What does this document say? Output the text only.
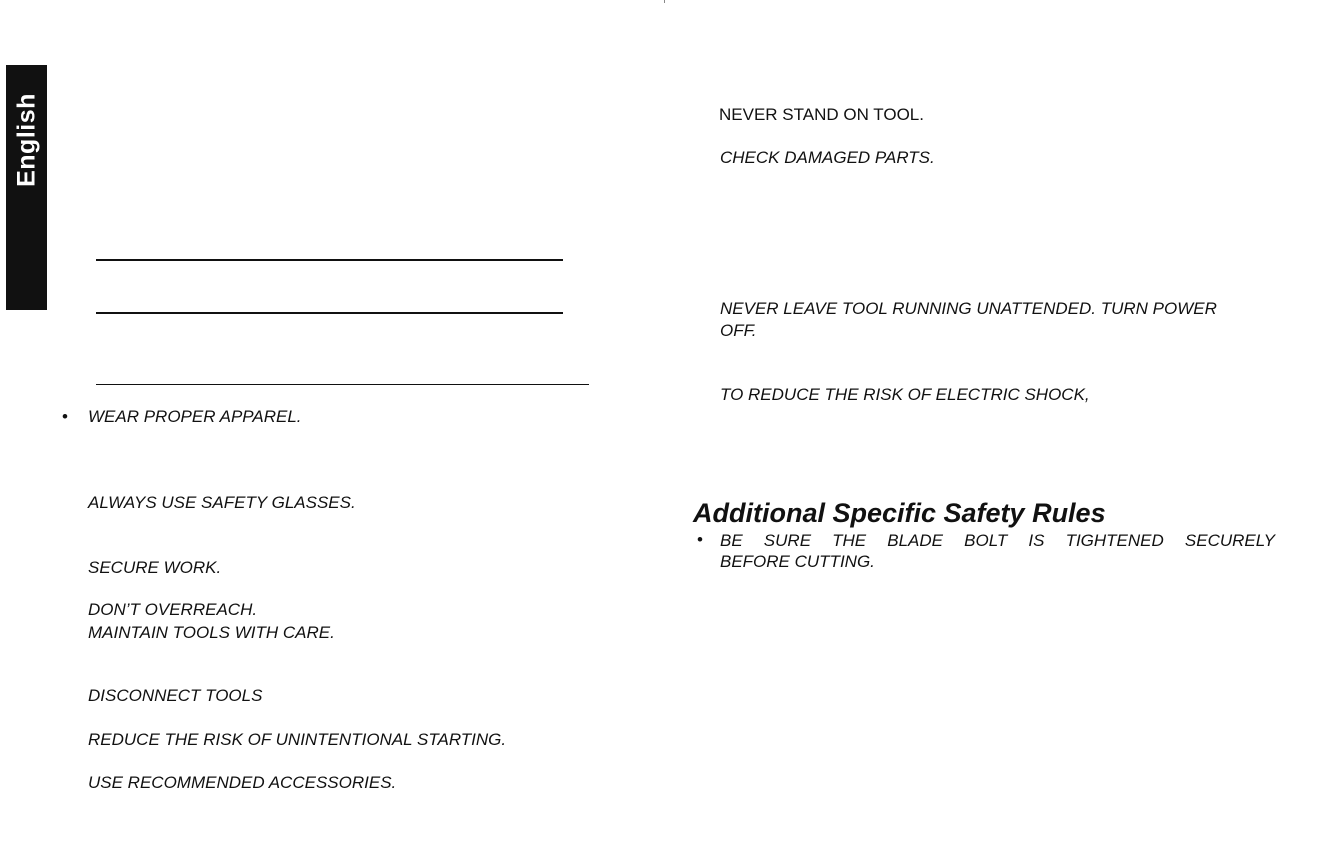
English
• WEAR PROPER APPAREL.
ALWAYS USE SAFETY GLASSES.
SECURE WORK.
DON’T OVERREACH.
MAINTAIN TOOLS WITH CARE.
DISCONNECT TOOLS
REDUCE THE RISK OF UNINTENTIONAL STARTING.
USE RECOMMENDED ACCESSORIES.
NEVER STAND ON TOOL.
CHECK DAMAGED PARTS.
NEVER LEAVE TOOL RUNNING UNATTENDED. TURN POWER
OFF.
TO REDUCE THE RISK OF ELECTRIC SHOCK,
Additional Specific Safety Rules
• BE SURE THE BLADE BOLT IS TIGHTENED SECURELY
BEFORE CUTTING.
